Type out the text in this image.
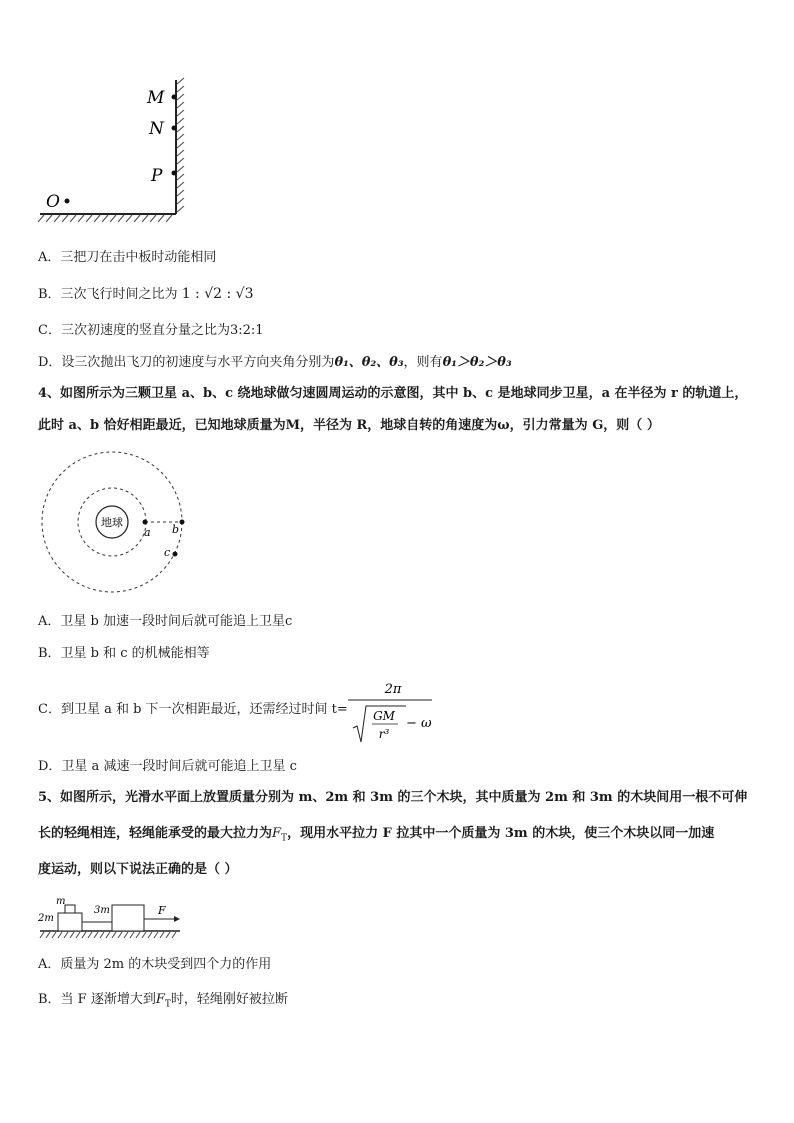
M
N
P
O
A．三把刀在击中板时动能相同
B．三次飞行时间之比为 1 : √2 : √3
C．三次初速度的竖直分量之比为3:2:1
D．设三次抛出飞刀的初速度与水平方向夹角分别为θ₁、θ₂、θ₃，则有θ₁＞θ₂＞θ₃
4、如图所示为三颗卫星 a、b、c 绕地球做匀速圆周运动的示意图，其中 b、c 是地球同步卫星，a 在半径为 r 的轨道上，
此时 a、b 恰好相距最近，已知地球质量为M，半径为 R，地球自转的角速度为ω，引力常量为 G，则（ ）
地球
a b
c
A．卫星 b 加速一段时间后就可能追上卫星c
B．卫星 b 和 c 的机械能相等
C．到卫星 a 和 b 下一次相距最近，还需经过时间 t=
2π
GM
r³
− ω
D．卫星 a 减速一段时间后就可能追上卫星 c
5、如图所示，光滑水平面上放置质量分别为 m、2m 和 3m 的三个木块，其中质量为 2m 和 3m 的木块间用一根不可伸
长的轻绳相连，轻绳能承受的最大拉力为$F_T$，现用水平拉力 F 拉其中一个质量为 3m 的木块，使三个木块以同一加速
度运动，则以下说法正确的是（ ）
m
2m
3m	F
A．质量为 2m 的木块受到四个力的作用
B．当 F 逐渐增大到$F_T$时，轻绳刚好被拉断
